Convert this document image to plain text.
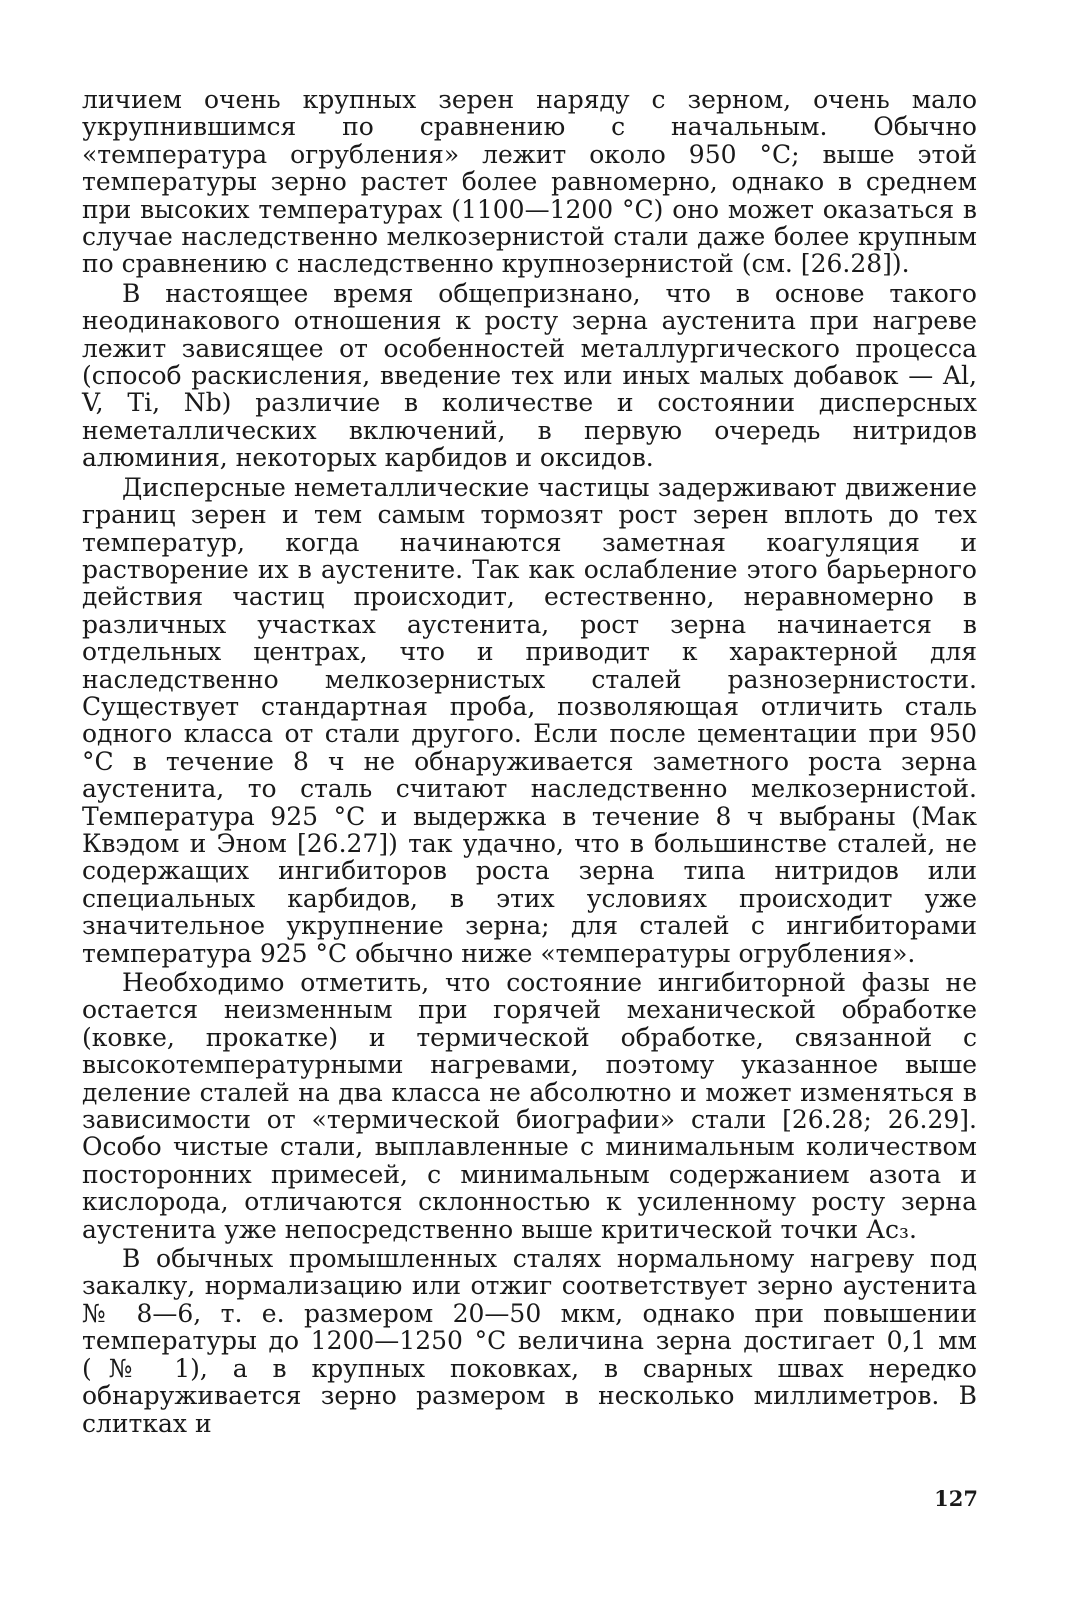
личием очень крупных зерен наряду с зерном, очень мало укрупнившимся по сравнению с начальным. Обычно «температура огрубления» лежит около 950 °С; выше этой температуры зерно растет более равномерно, однако в среднем при высоких температурах (1100—1200 °С) оно может оказаться в случае наследственно мелкозернистой стали даже более крупным по сравнению с наследственно крупнозернистой (см. [26.28]).

В настоящее время общепризнано, что в основе такого неодинакового отношения к росту зерна аустенита при нагреве лежит зависящее от особенностей металлургического процесса (способ раскисления, введение тех или иных малых добавок — Al, V, Ti, Nb) различие в количестве и состоянии дисперсных неметаллических включений, в первую очередь нитридов алюминия, некоторых карбидов и оксидов.

Дисперсные неметаллические частицы задерживают движение границ зерен и тем самым тормозят рост зерен вплоть до тех температур, когда начинаются заметная коагуляция и растворение их в аустените. Так как ослабление этого барьерного действия частиц происходит, естественно, неравномерно в различных участках аустенита, рост зерна начинается в отдельных центрах, что и приводит к характерной для наследственно мелкозернистых сталей разнозернистости. Существует стандартная проба, позволяющая отличить сталь одного класса от стали другого. Если после цементации при 950 °С в течение 8 ч не обнаруживается заметного роста зерна аустенита, то сталь считают наследственно мелкозернистой. Температура 925 °С и выдержка в течение 8 ч выбраны (Мак Квэдом и Эном [26.27]) так удачно, что в большинстве сталей, не содержащих ингибиторов роста зерна типа нитридов или специальных карбидов, в этих условиях происходит уже значительное укрупнение зерна; для сталей с ингибиторами температура 925 °С обычно ниже «температуры огрубления».

Необходимо отметить, что состояние ингибиторной фазы не остается неизменным при горячей механической обработке (ковке, прокатке) и термической обработке, связанной с высокотемпературными нагревами, поэтому указанное выше деление сталей на два класса не абсолютно и может изменяться в зависимости от «термической биографии» стали [26.28; 26.29]. Особо чистые стали, выплавленные с минимальным количеством посторонних примесей, с минимальным содержанием азота и кислорода, отличаются склонностью к усиленному росту зерна аустенита уже непосредственно выше критической точки Ас₃.

В обычных промышленных сталях нормальному нагреву под закалку, нормализацию или отжиг соответствует зерно аустенита № 8—6, т. е. размером 20—50 мкм, однако при повышении температуры до 1200—1250 °С величина зерна достигает 0,1 мм (№ 1), а в крупных поковках, в сварных швах нередко обнаруживается зерно размером в несколько миллиметров. В слитках и

127
